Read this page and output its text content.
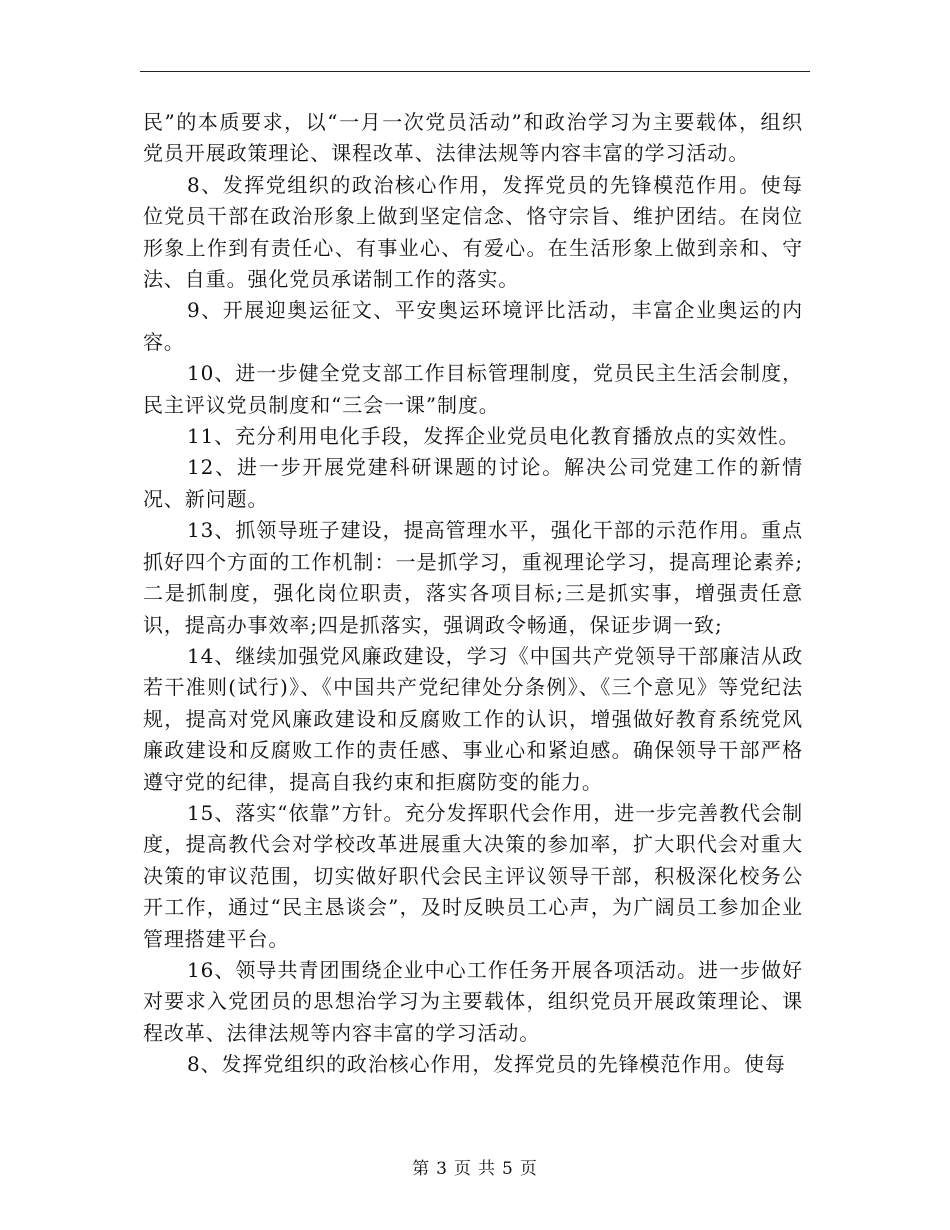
民”的本质要求，以“一月一次党员活动”和政治学习为主要载体，组织党员开展政策理论、课程改革、法律法规等内容丰富的学习活动。

8、发挥党组织的政治核心作用，发挥党员的先锋模范作用。使每位党员干部在政治形象上做到坚定信念、恪守宗旨、维护团结。在岗位形象上作到有责任心、有事业心、有爱心。在生活形象上做到亲和、守法、自重。强化党员承诺制工作的落实。

9、开展迎奥运征文、平安奥运环境评比活动，丰富企业奥运的内容。

10、进一步健全党支部工作目标管理制度，党员民主生活会制度，民主评议党员制度和“三会一课”制度。

11、充分利用电化手段，发挥企业党员电化教育播放点的实效性。

12、进一步开展党建科研课题的讨论。解决公司党建工作的新情况、新问题。

13、抓领导班子建设，提高管理水平，强化干部的示范作用。重点抓好四个方面的工作机制：一是抓学习，重视理论学习，提高理论素养;二是抓制度，强化岗位职责，落实各项目标;三是抓实事，增强责任意识，提高办事效率;四是抓落实，强调政令畅通，保证步调一致;

14、继续加强党风廉政建设，学习《中国共产党领导干部廉洁从政若干准则(试行)》、《中国共产党纪律处分条例》、《三个意见》等党纪法规，提高对党风廉政建设和反腐败工作的认识，增强做好教育系统党风廉政建设和反腐败工作的责任感、事业心和紧迫感。确保领导干部严格遵守党的纪律，提高自我约束和拒腐防变的能力。

15、落实“依靠”方针。充分发挥职代会作用，进一步完善教代会制度，提高教代会对学校改革进展重大决策的参加率，扩大职代会对重大决策的审议范围，切实做好职代会民主评议领导干部，积极深化校务公开工作，通过“民主恳谈会”，及时反映员工心声，为广阔员工参加企业管理搭建平台。

16、领导共青团围绕企业中心工作任务开展各项活动。进一步做好对要求入党团员的思想治学习为主要载体，组织党员开展政策理论、课程改革、法律法规等内容丰富的学习活动。

8、发挥党组织的政治核心作用，发挥党员的先锋模范作用。使每

第 3 页 共 5 页
